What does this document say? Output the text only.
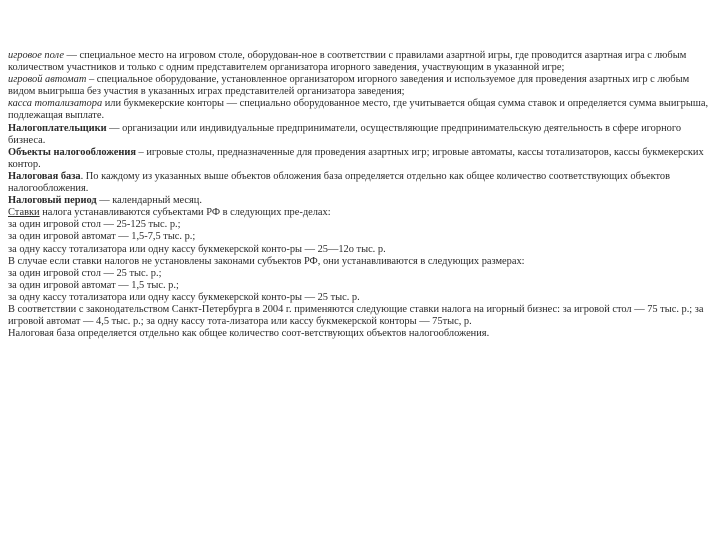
игровое поле — специальное место на игровом столе, оборудован-ное в соответствии с правилами азартной игры, где проводится азартная игра с любым количеством участников и только с одним представителем организатора игорного заведения, участвующим в указанной игре;

игровой автомат – специальное оборудование, установленное организатором игорного заведения и используемое для проведения азартных игр с любым видом выигрыша без участия в указанных играх представителей организатора заведения;

касса тотализатора или букмекерские конторы — специально оборудованное место, где учитывается общая сумма ставок и определяется сумма выигрыша, подлежащая выплате.

Налогоплательщики — организации или индивидуальные предприниматели, осуществляющие предпринимательскую деятельность в сфере игорного бизнеса.

Объекты налогообложения – игровые столы, предназначенные для проведения азартных игр; игровые автоматы, кассы тотализаторов, кассы букмекерских контор.

Налоговая база. По каждому из указанных выше объектов обложения база определяется отдельно как общее количество соответствующих объектов налогообложения.

Налоговый период — календарный месяц.

Ставки налога устанавливаются субъектами РФ в следующих пре-делах:

за один игровой стол — 25-125 тыс. р.;

за один игровой автомат — 1,5-7,5 тыс. р.;

за одну кассу тотализатора или одну кассу букмекерской конто-ры — 25—12о тыс. р.

В случае если ставки налогов не установлены законами субъектов РФ, они устанавливаются в следующих размерах:

за один игровой стол — 25 тыс. р.;

за один игровой автомат — 1,5 тыс. р.;

за одну кассу тотализатора или одну кассу букмекерской конто-ры — 25 тыс. р.

В соответствии с законодательством Санкт-Петербурга в 2004 г. применяются следующие ставки налога на игорный бизнес: за игровой стол — 75 тыс. р.; за игровой автомат — 4,5 тыс. р.; за одну кассу тота-лизатора или кассу букмекерской конторы — 75тыс, р.

Налоговая база определяется отдельно как общее количество соот-ветствующих объектов налогообложения.
